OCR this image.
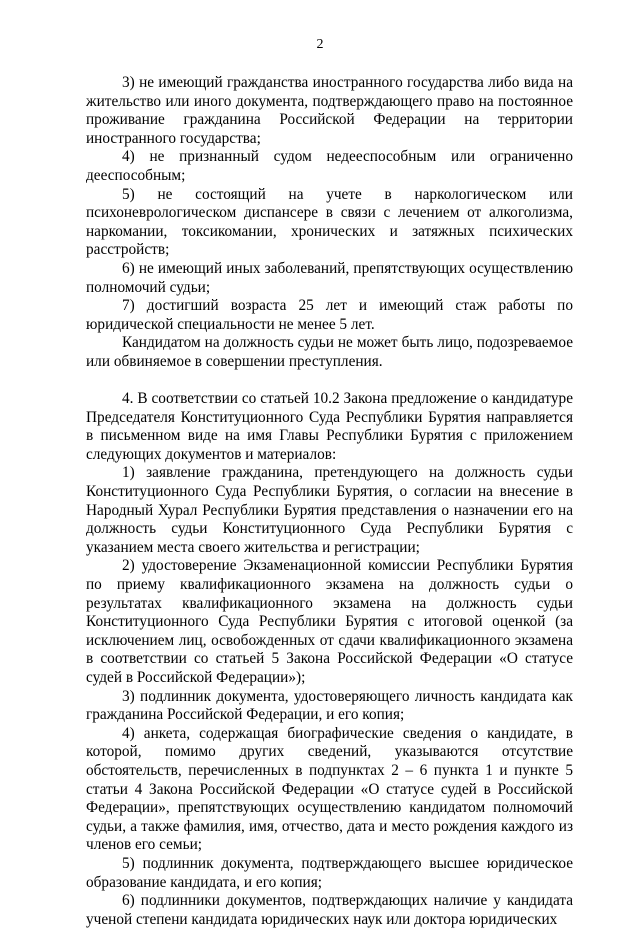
2

3) не имеющий гражданства иностранного государства либо вида на жительство или иного документа, подтверждающего право на постоянное проживание гражданина Российской Федерации на территории иностранного государства;

4) не признанный судом недееспособным или ограниченно дееспособным;

5) не состоящий на учете в наркологическом или психоневрологическом диспансере в связи с лечением от алкоголизма, наркомании, токсикомании, хронических и затяжных психических расстройств;

6) не имеющий иных заболеваний, препятствующих осуществлению полномочий судьи;

7) достигший возраста 25 лет и имеющий стаж работы по юридической специальности не менее 5 лет.

Кандидатом на должность судьи не может быть лицо, подозреваемое или обвиняемое в совершении преступления.

4. В соответствии со статьей 10.2 Закона предложение о кандидатуре Председателя Конституционного Суда Республики Бурятия направляется в письменном виде на имя Главы Республики Бурятия с приложением следующих документов и материалов:

1) заявление гражданина, претендующего на должность судьи Конституционного Суда Республики Бурятия, о согласии на внесение в Народный Хурал Республики Бурятия представления о назначении его на должность судьи Конституционного Суда Республики Бурятия с указанием места своего жительства и регистрации;

2) удостоверение Экзаменационной комиссии Республики Бурятия по приему квалификационного экзамена на должность судьи о результатах квалификационного экзамена на должность судьи Конституционного Суда Республики Бурятия с итоговой оценкой (за исключением лиц, освобожденных от сдачи квалификационного экзамена в соответствии со статьей 5 Закона Российской Федерации «О статусе судей в Российской Федерации»);

3) подлинник документа, удостоверяющего личность кандидата как гражданина Российской Федерации, и его копия;

4) анкета, содержащая биографические сведения о кандидате, в которой, помимо других сведений, указываются отсутствие обстоятельств, перечисленных в подпунктах 2 – 6 пункта 1 и пункте 5 статьи 4 Закона Российской Федерации «О статусе судей в Российской Федерации», препятствующих осуществлению кандидатом полномочий судьи, а также фамилия, имя, отчество, дата и место рождения каждого из членов его семьи;

5) подлинник документа, подтверждающего высшее юридическое образование кандидата, и его копия;

6) подлинники документов, подтверждающих наличие у кандидата ученой степени кандидата юридических наук или доктора юридических
